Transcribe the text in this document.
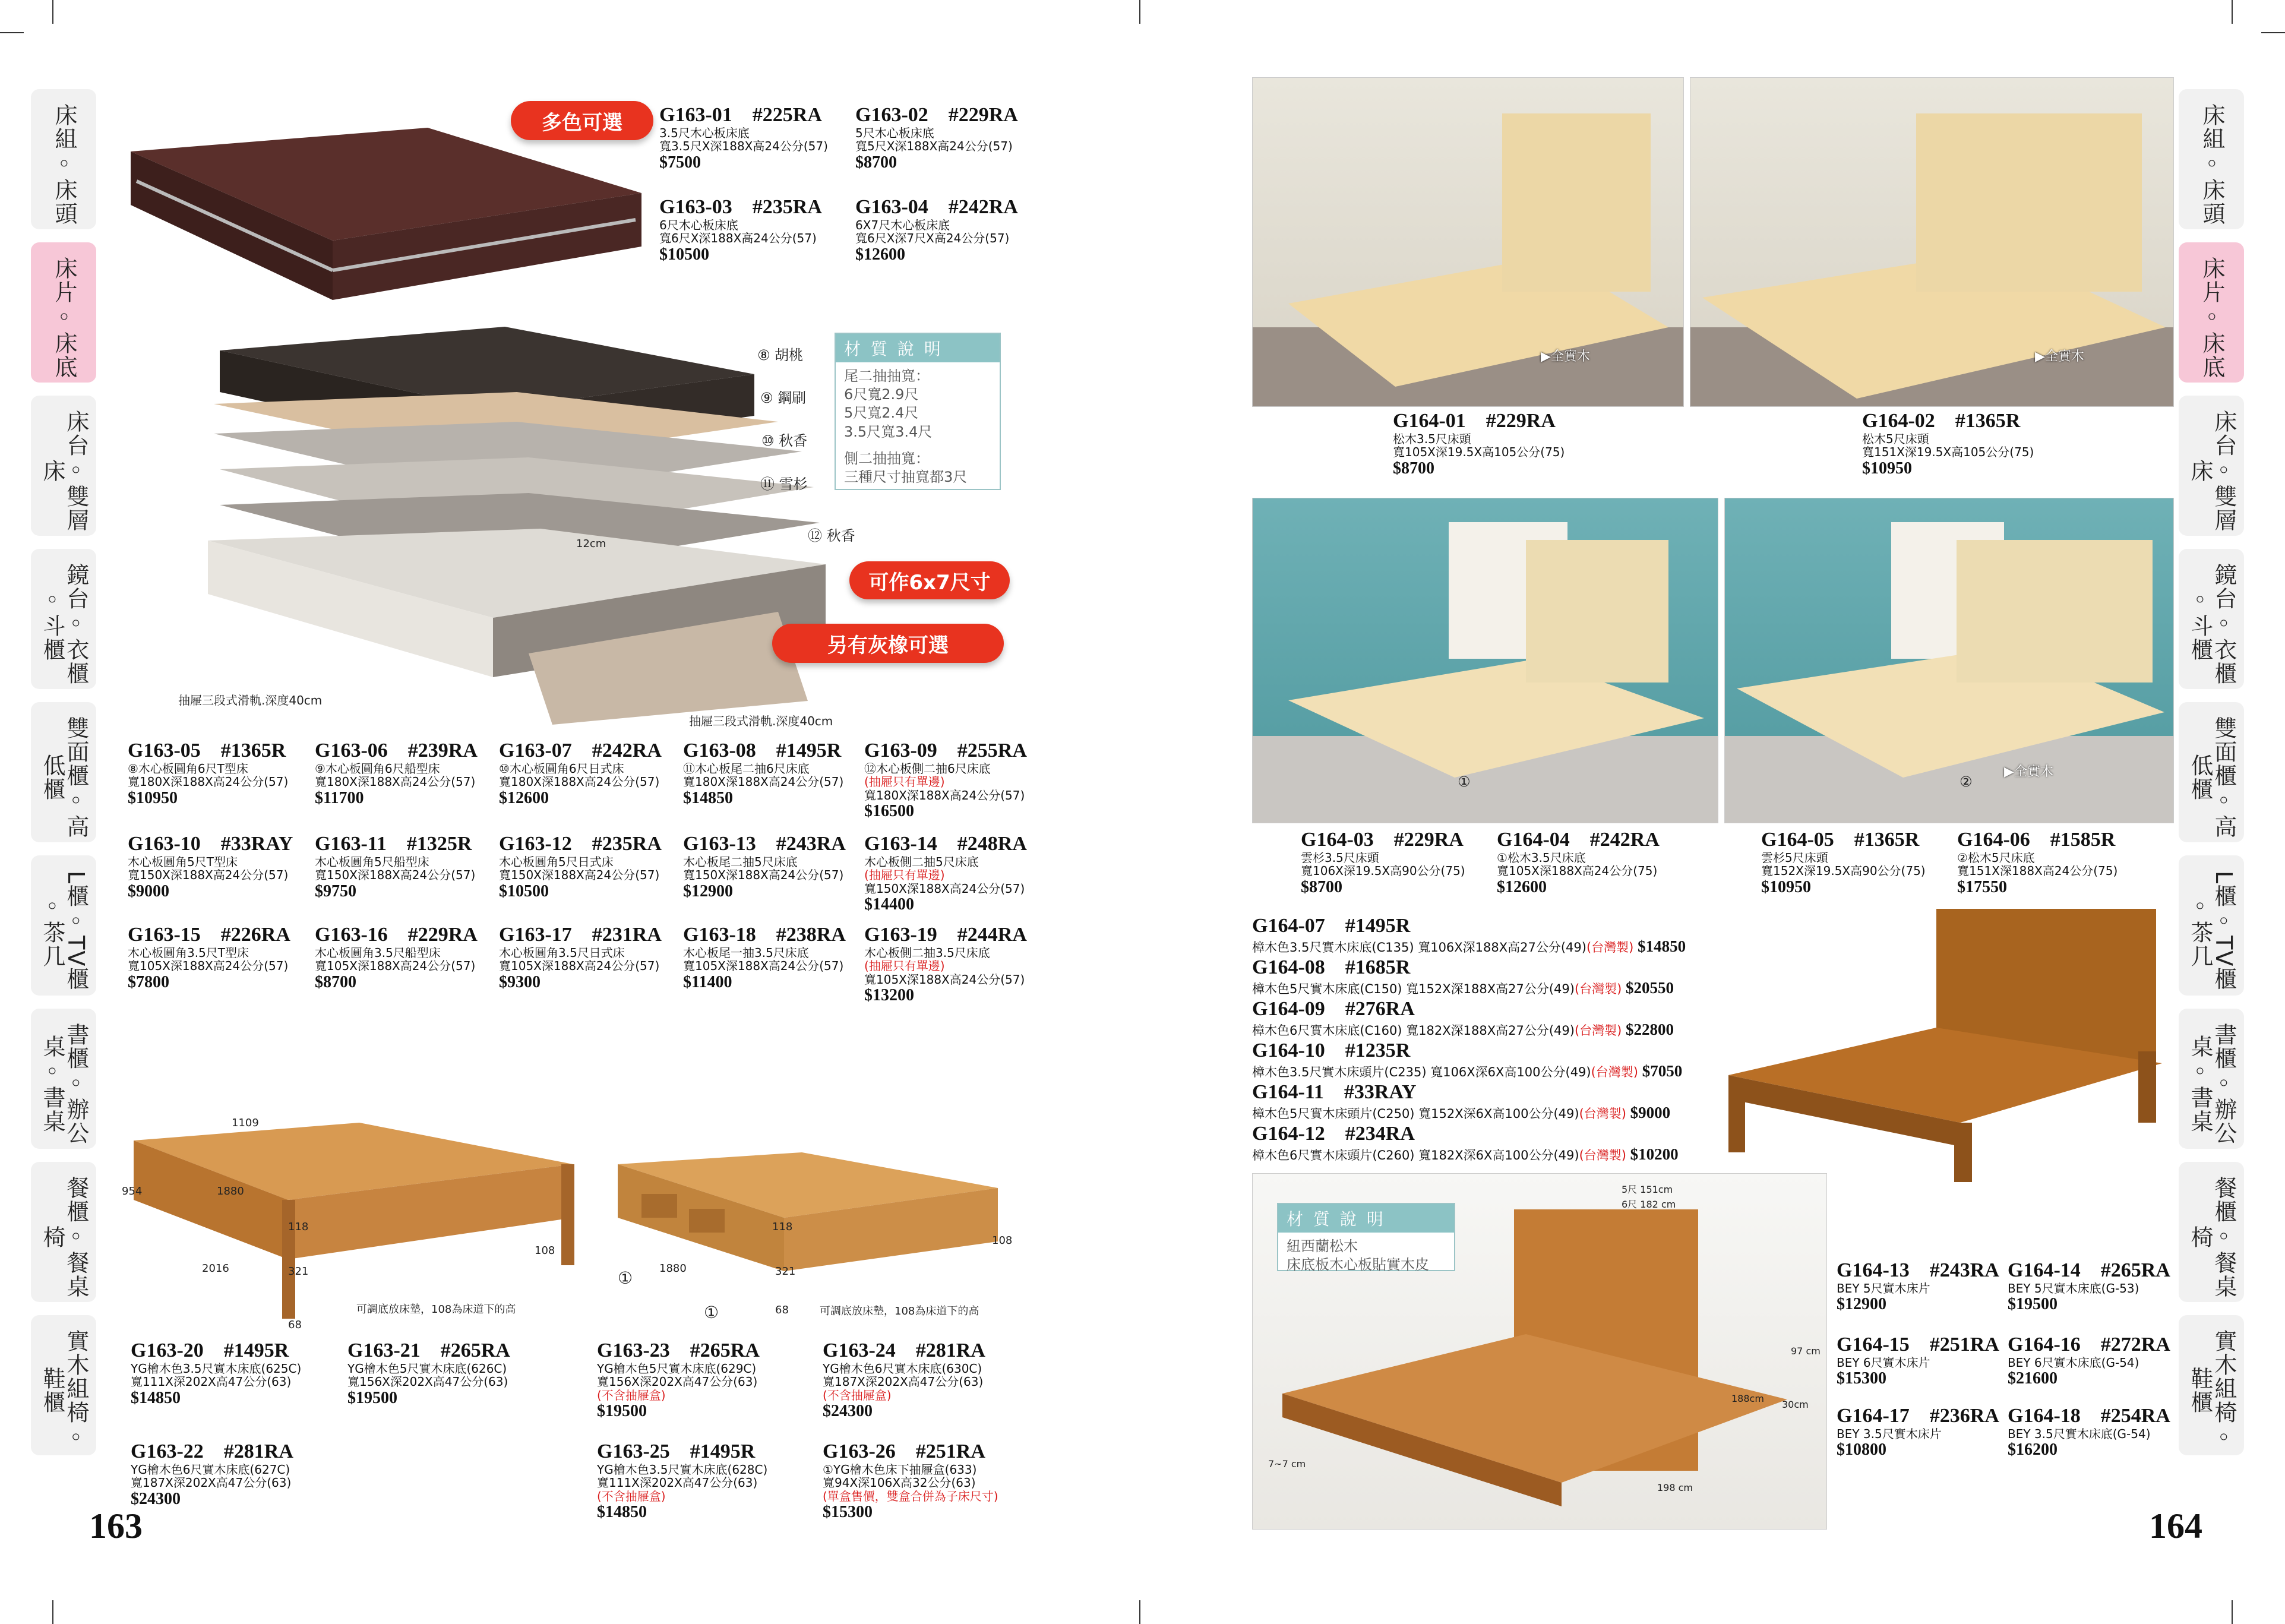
床組◦床頭
床片◦床底
床台◦雙層床
鏡台◦衣櫃◦斗櫃
雙面櫃◦高低櫃
L櫃◦TV櫃◦茶几
書櫃◦辦公桌◦書桌
餐櫃◦餐桌椅
實木組椅◦鞋櫃
床組◦床頭
床片◦床底
床台◦雙層床
鏡台◦衣櫃◦斗櫃
雙面櫃◦高低櫃
L櫃◦TV櫃◦茶几
書櫃◦辦公桌◦書桌
餐櫃◦餐桌椅
實木組椅◦鞋櫃
163	164
多色可選	G163-01　#225RA
3.5尺木心板床底
寬3.5尺X深188X高24公分(57)
$7500
G163-02　#229RA
5尺木心板床底
寬5尺X深188X高24公分(57)
$8700
G163-03　#235RA
6尺木心板床底
寬6尺X深188X高24公分(57)
$10500
G163-04　#242RA
6X7尺木心板床底
寬6尺X深7尺X高24公分(57)
$12600
材 質 說 明
尾二抽抽寬：
6尺寬2.9尺
5尺寬2.4尺
3.5尺寬3.4尺
側二抽抽寬：
三種尺寸抽寬都3尺
⑧ 胡桃
⑨ 鋼刷
⑩ 秋香
⑪ 雪杉
⑫ 秋香
12cm
可作6x7尺寸
另有灰橡可選
抽屜三段式滑軌.深度40cm
抽屜三段式滑軌.深度40cm
G163-05　#1365R
⑧木心板圓角6尺T型床
寬180X深188X高24公分(57)
$10950
G163-06　#239RA
⑨木心板圓角6尺船型床
寬180X深188X高24公分(57)
$11700
G163-07　#242RA
⑩木心板圓角6尺日式床
寬180X深188X高24公分(57)
$12600
G163-08　#1495R
⑪木心板尾二抽6尺床底
寬180X深188X高24公分(57)
$14850
G163-09　#255RA
⑫木心板側二抽6尺床底
(抽屜只有單邊)
寬180X深188X高24公分(57)
$16500
G163-10　#33RAY
木心板圓角5尺T型床
寬150X深188X高24公分(57)
$9000
G163-11　#1325R
木心板圓角5尺船型床
寬150X深188X高24公分(57)
$9750
G163-12　#235RA
木心板圓角5尺日式床
寬150X深188X高24公分(57)
$10500
G163-13　#243RA
木心板尾二抽5尺床底
寬150X深188X高24公分(57)
$12900
G163-14　#248RA
木心板側二抽5尺床底
(抽屜只有單邊)
寬150X深188X高24公分(57)
$14400
G163-15　#226RA
木心板圓角3.5尺T型床
寬105X深188X高24公分(57)
$7800
G163-16　#229RA
木心板圓角3.5尺船型床
寬105X深188X高24公分(57)
$8700
G163-17　#231RA
木心板圓角3.5尺日式床
寬105X深188X高24公分(57)
$9300
G163-18　#238RA
木心板尾一抽3.5尺床底
寬105X深188X高24公分(57)
$11400
G163-19　#244RA
木心板側二抽3.5尺床底
(抽屜只有單邊)
寬105X深188X高24公分(57)
$13200
1109
1880
954
118
2016	321
68
108
118
1880	321
68
108
可調底放床墊，108為床道下的高	可調底放床墊，108為床道下的高
①
①
G163-20　#1495R
YG檜木色3.5尺實木床底(625C)
寬111X深202X高47公分(63)
$14850
G163-21　#265RA
YG檜木色5尺實木床底(626C)
寬156X深202X高47公分(63)
$19500
G163-22　#281RA
YG檜木色6尺實木床底(627C)
寬187X深202X高47公分(63)
$24300
G163-23　#265RA
YG檜木色5尺實木床底(629C)
寬156X深202X高47公分(63)
(不含抽屜盒)
$19500
G163-24　#281RA
YG檜木色6尺實木床底(630C)
寬187X深202X高47公分(63)
(不含抽屜盒)
$24300
G163-25　#1495R
YG檜木色3.5尺實木床底(628C)
寬111X深202X高47公分(63)
(不含抽屜盒)
$14850
G163-26　#251RA
①YG檜木色床下抽屜盒(633)
寬94X深106X高32公分(63)
(單盒售價，雙盒合併為子床尺寸)
$15300
▶全實木	▶全實木
①
▶全實木
②
G164-01　#229RA
松木3.5尺床頭
寬105X深19.5X高105公分(75)
$8700
G164-02　#1365R
松木5尺床頭
寬151X深19.5X高105公分(75)
$10950
G164-03　#229RA
雲杉3.5尺床頭
寬106X深19.5X高90公分(75)
$8700
G164-04　#242RA
①松木3.5尺床底
寬105X深188X高24公分(75)
$12600
G164-05　#1365R
雲杉5尺床頭
寬152X深19.5X高90公分(75)
$10950
G164-06　#1585R
②松木5尺床底
寬151X深188X高24公分(75)
$17550
G164-07　#1495R
樟木色3.5尺實木床底(C135) 寬106X深188X高27公分(49)(台灣製) $14850
G164-08　#1685R
樟木色5尺實木床底(C150) 寬152X深188X高27公分(49)(台灣製) $20550
G164-09　#276RA
樟木色6尺實木床底(C160) 寬182X深188X高27公分(49)(台灣製) $22800
G164-10　#1235R
樟木色3.5尺實木床頭片(C235) 寬106X深6X高100公分(49)(台灣製) $7050
G164-11　#33RAY
樟木色5尺實木床頭片(C250) 寬152X深6X高100公分(49)(台灣製) $9000
G164-12　#234RA
樟木色6尺實木床頭片(C260) 寬182X深6X高100公分(49)(台灣製) $10200
材 質 說 明
紐西蘭松木
床底板木心板貼實木皮
5尺 151cm
6尺 182 cm
97 cm
188cm
30cm
198 cm
7~7 cm
G164-13　#243RA
BEY 5尺實木床片
$12900
G164-14　#265RA
BEY 5尺實木床底(G-53)
$19500
G164-15　#251RA
BEY 6尺實木床片
$15300
G164-16　#272RA
BEY 6尺實木床底(G-54)
$21600
G164-17　#236RA
BEY 3.5尺實木床片
$10800
G164-18　#254RA
BEY 3.5尺實木床底(G-54)
$16200
